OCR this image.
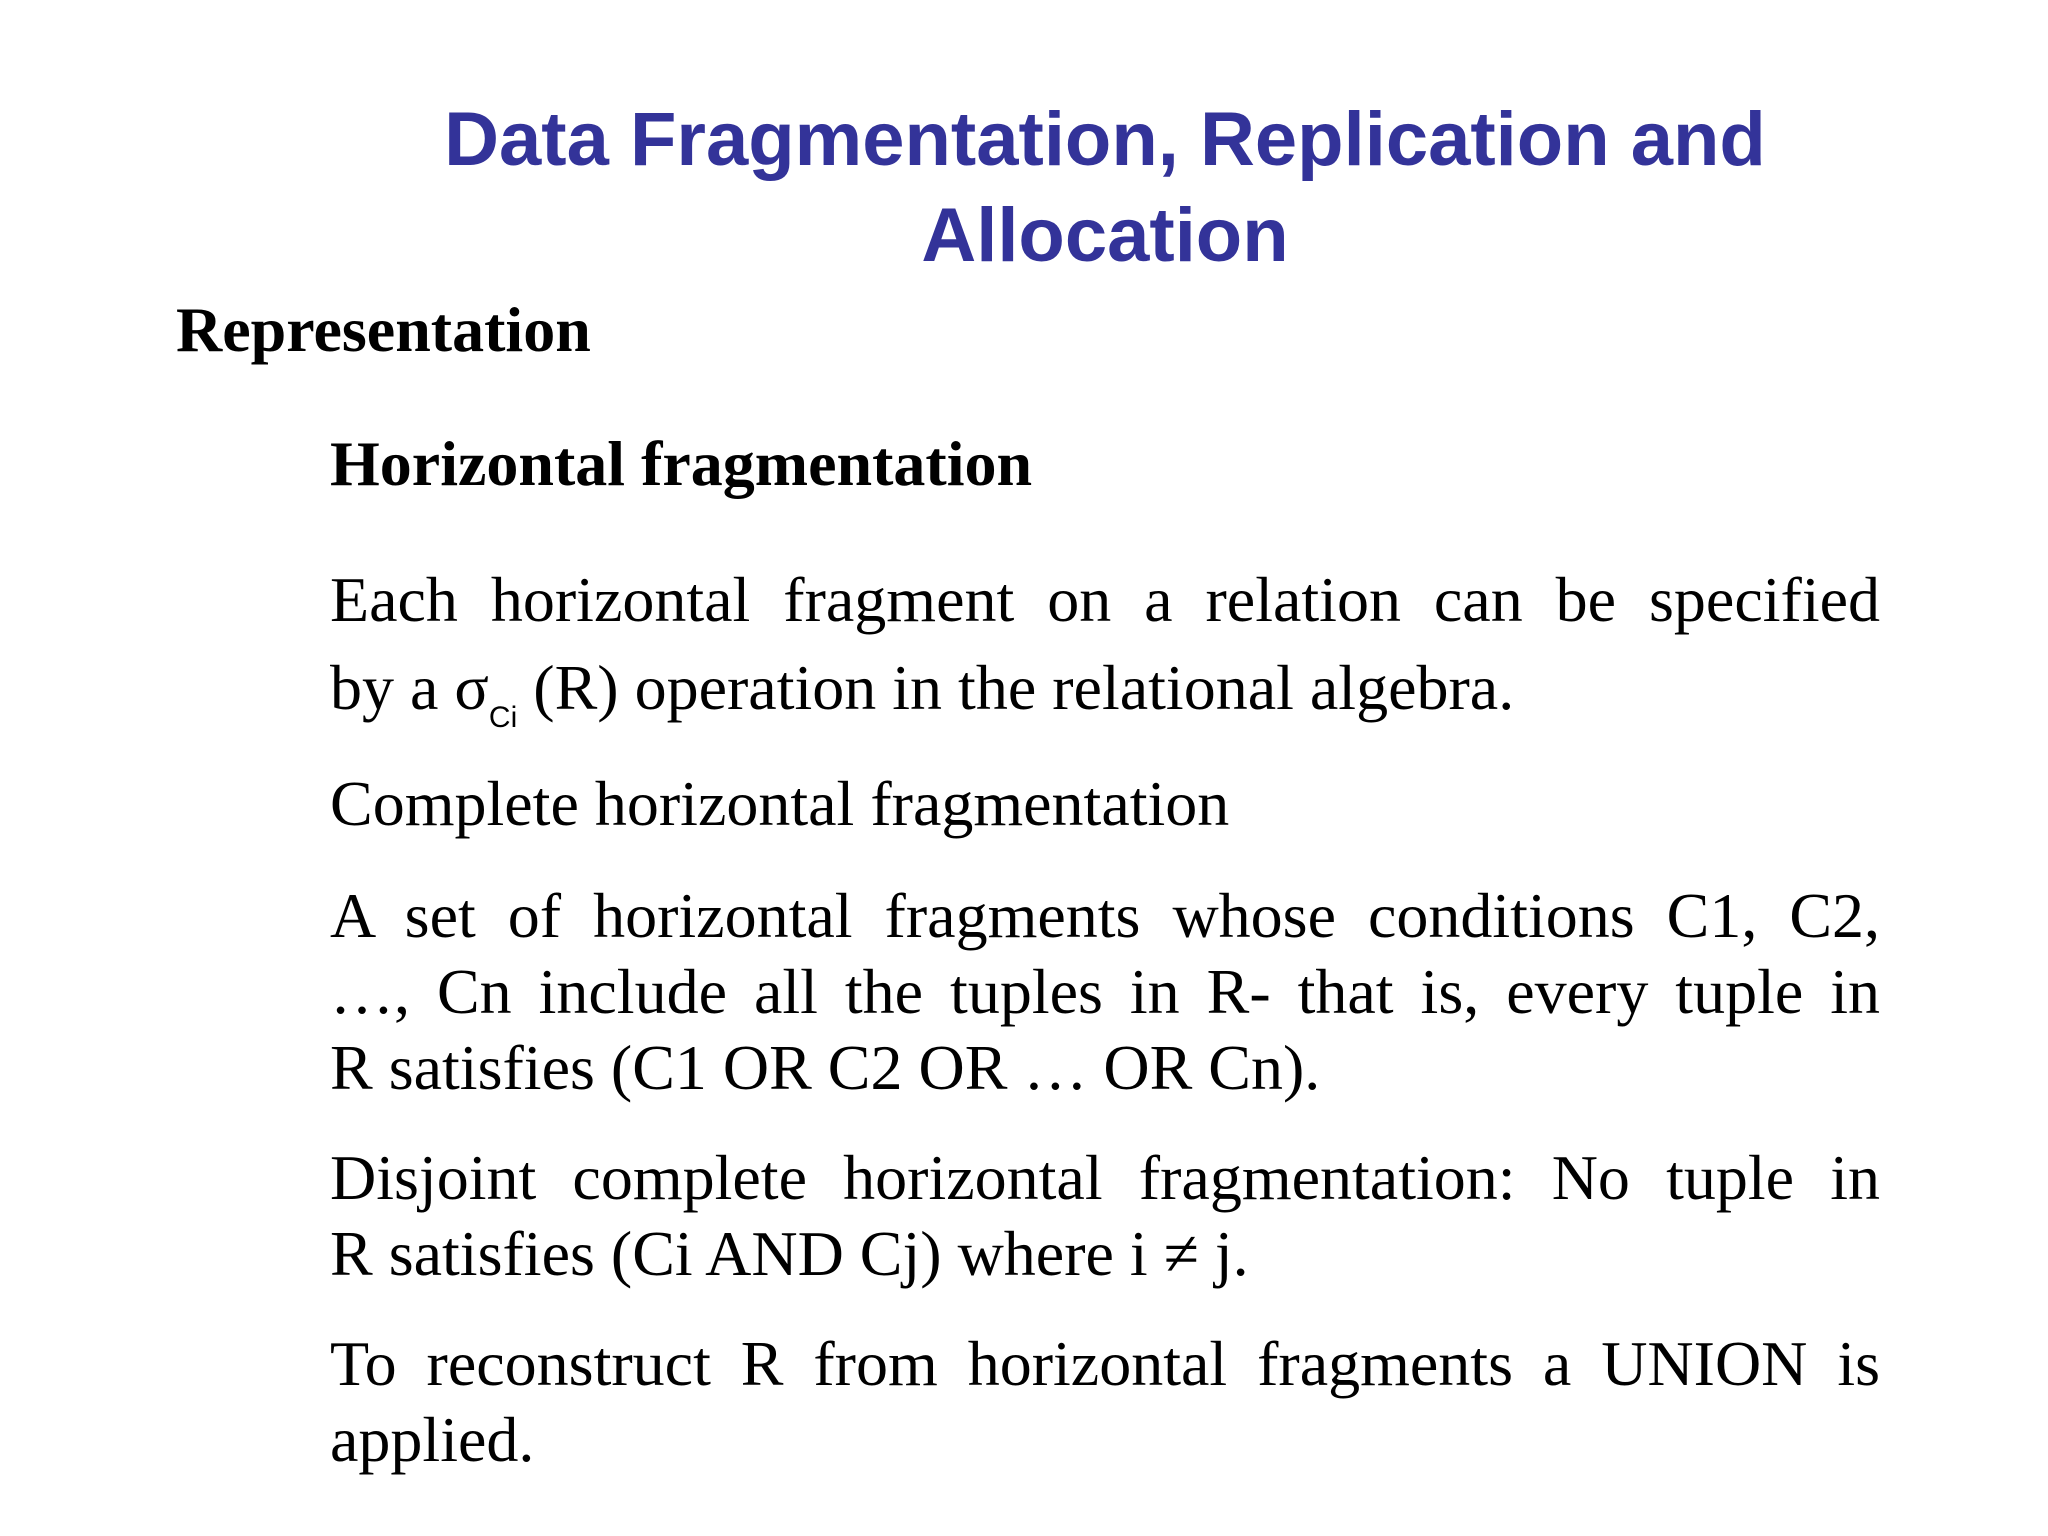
Data Fragmentation, Replication and
Allocation
Representation
Horizontal fragmentation
Each horizontal fragment on a relation can be specified
by a $\sigma_{Ci}$ (R) operation in the relational algebra.
Complete horizontal fragmentation
A set of horizontal fragments whose conditions C1, C2,
…, Cn include all the tuples in R- that is, every tuple in
R satisfies (C1 OR C2 OR … OR Cn).
Disjoint complete horizontal fragmentation: No tuple in
R satisfies (Ci AND Cj) where i ≠ j.
To reconstruct R from horizontal fragments a UNION is
applied.
